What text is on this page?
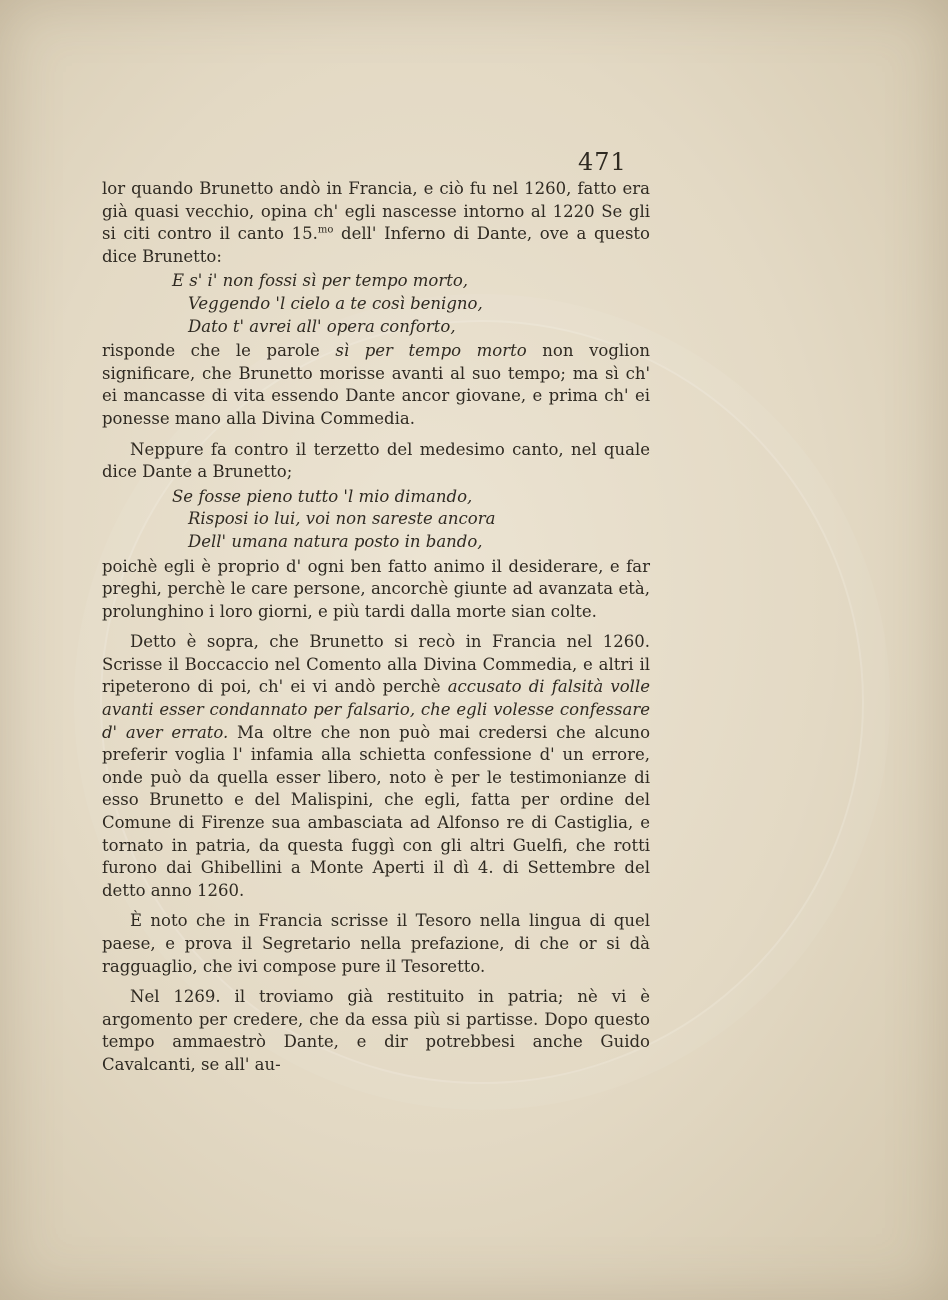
471

lor quando Brunetto andò in Francia, e ciò fu nel 1260, fatto era già quasi vecchio, opina ch' egli nascesse intorno al 1220 Se gli si citi contro il canto 15.$^{mo}$ dell' Inferno di Dante, ove a questo dice Brunetto:

E s' i' non fossi sì per tempo morto,
Veggendo 'l cielo a te così benigno,
Dato t' avrei all' opera conforto,

risponde che le parole sì per tempo morto non voglion significare, che Brunetto morisse avanti al suo tempo; ma sì ch' ei mancasse di vita essendo Dante ancor giovane, e prima ch' ei ponesse mano alla Divina Commedia.

Neppure fa contro il terzetto del medesimo canto, nel quale dice Dante a Brunetto;

Se fosse pieno tutto 'l mio dimando,
Risposi io lui, voi non sareste ancora
Dell' umana natura posto in bando,

poichè egli è proprio d' ogni ben fatto animo il desiderare, e far preghi, perchè le care persone, ancorchè giunte ad avanzata età, prolunghino i loro giorni, e più tardi dalla morte sian colte.

Detto è sopra, che Brunetto si recò in Francia nel 1260. Scrisse il Boccaccio nel Comento alla Divina Commedia, e altri il ripeterono di poi, ch' ei vi andò perchè accusato di falsità volle avanti esser condannato per falsario, che egli volesse confessare d' aver errato. Ma oltre che non può mai credersi che alcuno preferir voglia l' infamia alla schietta confessione d' un errore, onde può da quella esser libero, noto è per le testimonianze di esso Brunetto e del Malispini, che egli, fatta per ordine del Comune di Firenze sua ambasciata ad Alfonso re di Castiglia, e tornato in patria, da questa fuggì con gli altri Guelfi, che rotti furono dai Ghibellini a Monte Aperti il dì 4. di Settembre del detto anno 1260.

È noto che in Francia scrisse il Tesoro nella lingua di quel paese, e prova il Segretario nella prefazione, di che or si dà ragguaglio, che ivi compose pure il Tesoretto.

Nel 1269. il troviamo già restituito in patria; nè vi è argomento per credere, che da essa più si partisse. Dopo questo tempo ammaestrò Dante, e dir potrebbesi anche Guido Cavalcanti, se all' au-
